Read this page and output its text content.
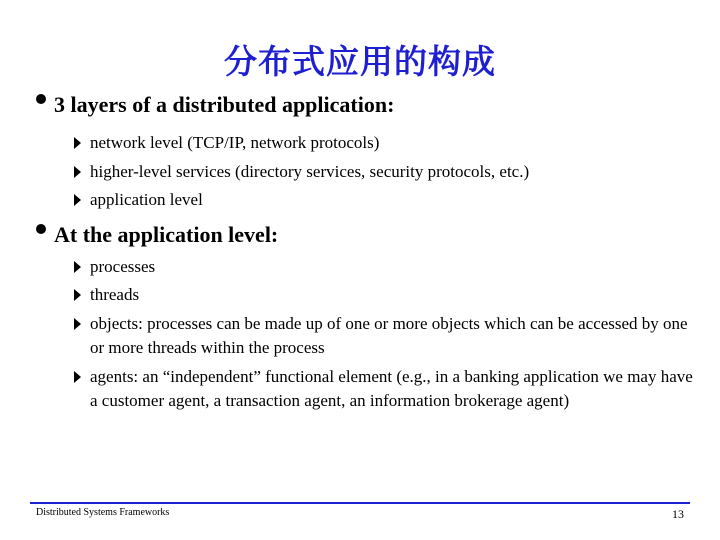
分布式应用的构成
3 layers of a distributed application:
network level (TCP/IP, network protocols)
higher-level services (directory services, security protocols, etc.)
application level
At the application level:
processes
threads
objects: processes can be made up of one or more objects which can be accessed by one or more threads within the process
agents: an “independent” functional element (e.g., in a banking application we may have a customer agent, a transaction agent, an information brokerage agent)
Distributed Systems Frameworks	13
